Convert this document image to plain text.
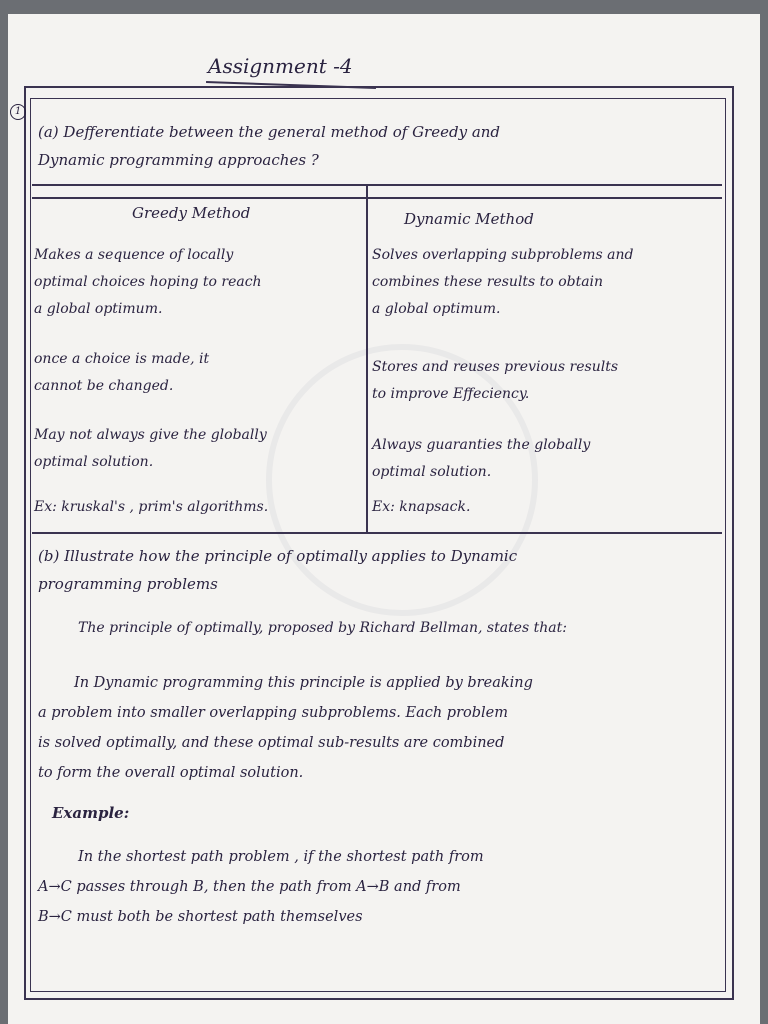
Assignment -4
1
(a) Defferentiate between the general method of Greedy and
Dynamic programming approaches ?
Greedy Method	Dynamic Method
Makes a sequence of locally
optimal choices hoping to reach
a global optimum.
once a choice is made, it
cannot be changed.
May not always give the globally
optimal solution.
Ex: kruskal's , prim's algorithms.
Solves overlapping subproblems and
combines these results to obtain
a global optimum.
Stores and reuses previous results
to improve Effeciency.
Always guaranties the globally
optimal solution.
Ex: knapsack.
(b) Illustrate how the principle of optimally applies to Dynamic
programming problems
The principle of optimally, proposed by Richard Bellman, states that:
In Dynamic programming this principle is applied by breaking
a problem into smaller overlapping subproblems. Each problem
is solved optimally, and these optimal sub-results are combined
to form the overall optimal solution.
Example:
In the shortest path problem , if the shortest path from
A→C passes through B, then the path from A→B and from
B→C must both be shortest path themselves
